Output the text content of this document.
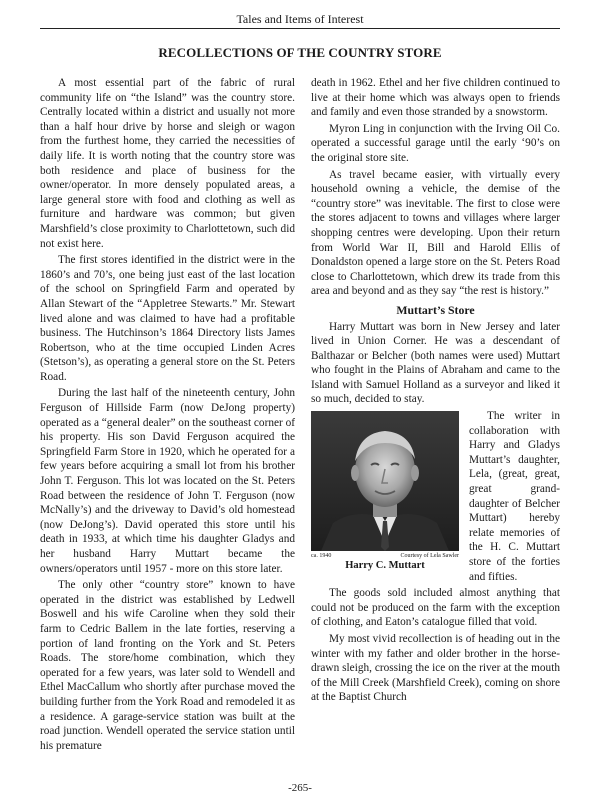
Tales and Items of Interest
RECOLLECTIONS OF THE COUNTRY STORE

A most essential part of the fabric of rural community life on “the Island” was the country store. Centrally located within a district and usually not more than a half hour drive by horse and sleigh or wagon from the furthest home, they carried the necessities of daily life. It is worth noting that the country store was both residence and place of business for the owner/operator. In more densely populated areas, a large general store with food and clothing as well as furniture and hardware was common; but given Marshfield’s close proximity to Charlottetown, such did not exist here.

The first stores identified in the district were in the 1860’s and 70’s, one being just east of the last location of the school on Springfield Farm and operated by Allan Stewart of the “Appletree Stewarts.” Mr. Stewart lived alone and was claimed to have had a profitable business. The Hutchinson’s 1864 Directory lists James Robertson, who at the time occupied Linden Acres (Stetson’s), as operating a general store on the St. Peters Road.

During the last half of the nineteenth century, John Ferguson of Hillside Farm (now DeJong property) operated as a “general dealer” on the southeast corner of his property. His son David Ferguson acquired the Springfield Farm Store in 1920, which he operated for a few years before acquiring a small lot from his brother John T. Ferguson. This lot was located on the St. Peters Road between the residence of John T. Ferguson (now McNally’s) and the driveway to David’s old homestead (now DeJong’s). David operated this store until his death in 1933, at which time his daughter Gladys and her husband Harry Muttart became the owners/operators until 1957 - more on this store later.

The only other “country store” known to have operated in the district was established by Ledwell Boswell and his wife Caroline when they sold their farm to Cedric Ballem in the late forties, reserving a portion of land fronting on the York and St. Peters Roads. The store/home combination, which they operated for a few years, was later sold to Wendell and Ethel MacCallum who shortly after purchase moved the building further from the York Road and remodeled it as a residence. A garage-service station was built at the road junction. Wendell operated the service station until his premature

death in 1962. Ethel and her five children continued to live at their home which was always open to friends and family and even those stranded by a snowstorm.

Myron Ling in conjunction with the Irving Oil Co. operated a successful garage until the early ‘90’s on the original store site.

As travel became easier, with virtually every household owning a vehicle, the demise of the “country store” was inevitable. The first to close were the stores adjacent to towns and villages where larger shopping centres were developing. Upon their return from World War II, Bill and Harold Ellis of Donaldston opened a large store on the St. Peters Road close to Charlottetown, which drew its trade from this area and beyond and as they say “the rest is history.”

Muttart’s Store

Harry Muttart was born in New Jersey and later lived in Union Corner. He was a descendant of Balthazar or Belcher (both names were used) Muttart who fought in the Plains of Abraham and came to the Island with Samuel Holland as a surveyor and liked it so much, decided to stay.

ca. 1940	Courtesy of Lela Sawler
Harry C. Muttart

The writer in collaboration with Harry and Gladys Muttart’s daughter, Lela, (great, great, great grand-daughter of Belcher Muttart) hereby relate memories of the H. C. Muttart store of the forties and fifties.

The goods sold included almost anything that could not be produced on the farm with the exception of clothing, and Eaton’s catalogue filled that void.

My most vivid recollection is of heading out in the winter with my father and older brother in the horse-drawn sleigh, crossing the ice on the river at the mouth of the Mill Creek (Marshfield Creek), coming on shore at the Baptist Church

-265-
